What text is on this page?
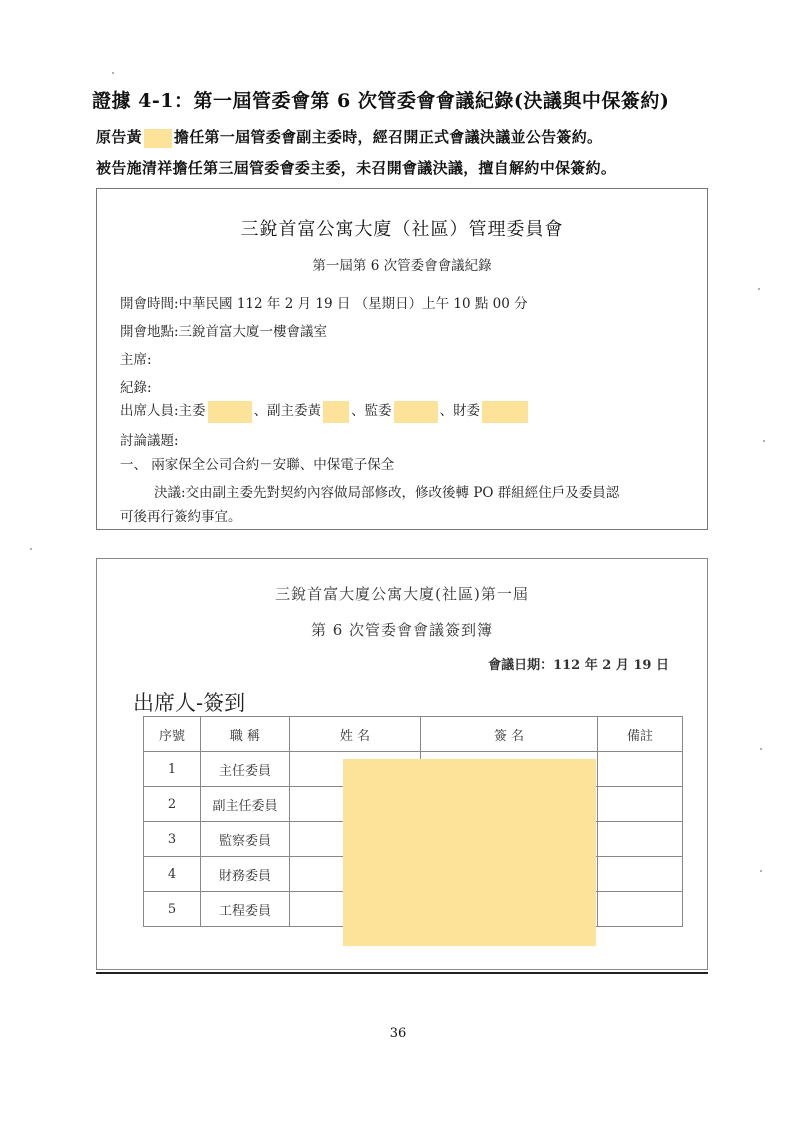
證據 4-1：第一屆管委會第 6 次管委會會議紀錄(決議與中保簽約)
原告黃 擔任第一屆管委會副主委時，經召開正式會議決議並公告簽約。
被告施清祥擔任第三屆管委會委主委，未召開會議決議，擅自解約中保簽約。
三銳首富公寓大廈（社區）管理委員會
第一屆第 6 次管委會會議紀錄
開會時間:中華民國 112 年 2 月 19 日 （星期日）上午 10 點 00 分
開會地點:三銳首富大廈一樓會議室
主席:
紀錄:
出席人員:主委	、副主委黃 、監委	、財委
討論議題:
一、 兩家保全公司合約－安聯、中保電子保全
決議:交由副主委先對契約內容做局部修改，修改後轉 PO 群組經住戶及委員認
可後再行簽約事宜。
三銳首富大廈公寓大廈(社區)第一屆
第 6 次管委會會議簽到簿
會議日期：112 年 2 月 19 日
出席人-簽到
序號	職 稱	姓 名	簽 名	備註
1	主任委員			
2	副主任委員			
3	監察委員			
4	財務委員			
5	工程委員			
36
